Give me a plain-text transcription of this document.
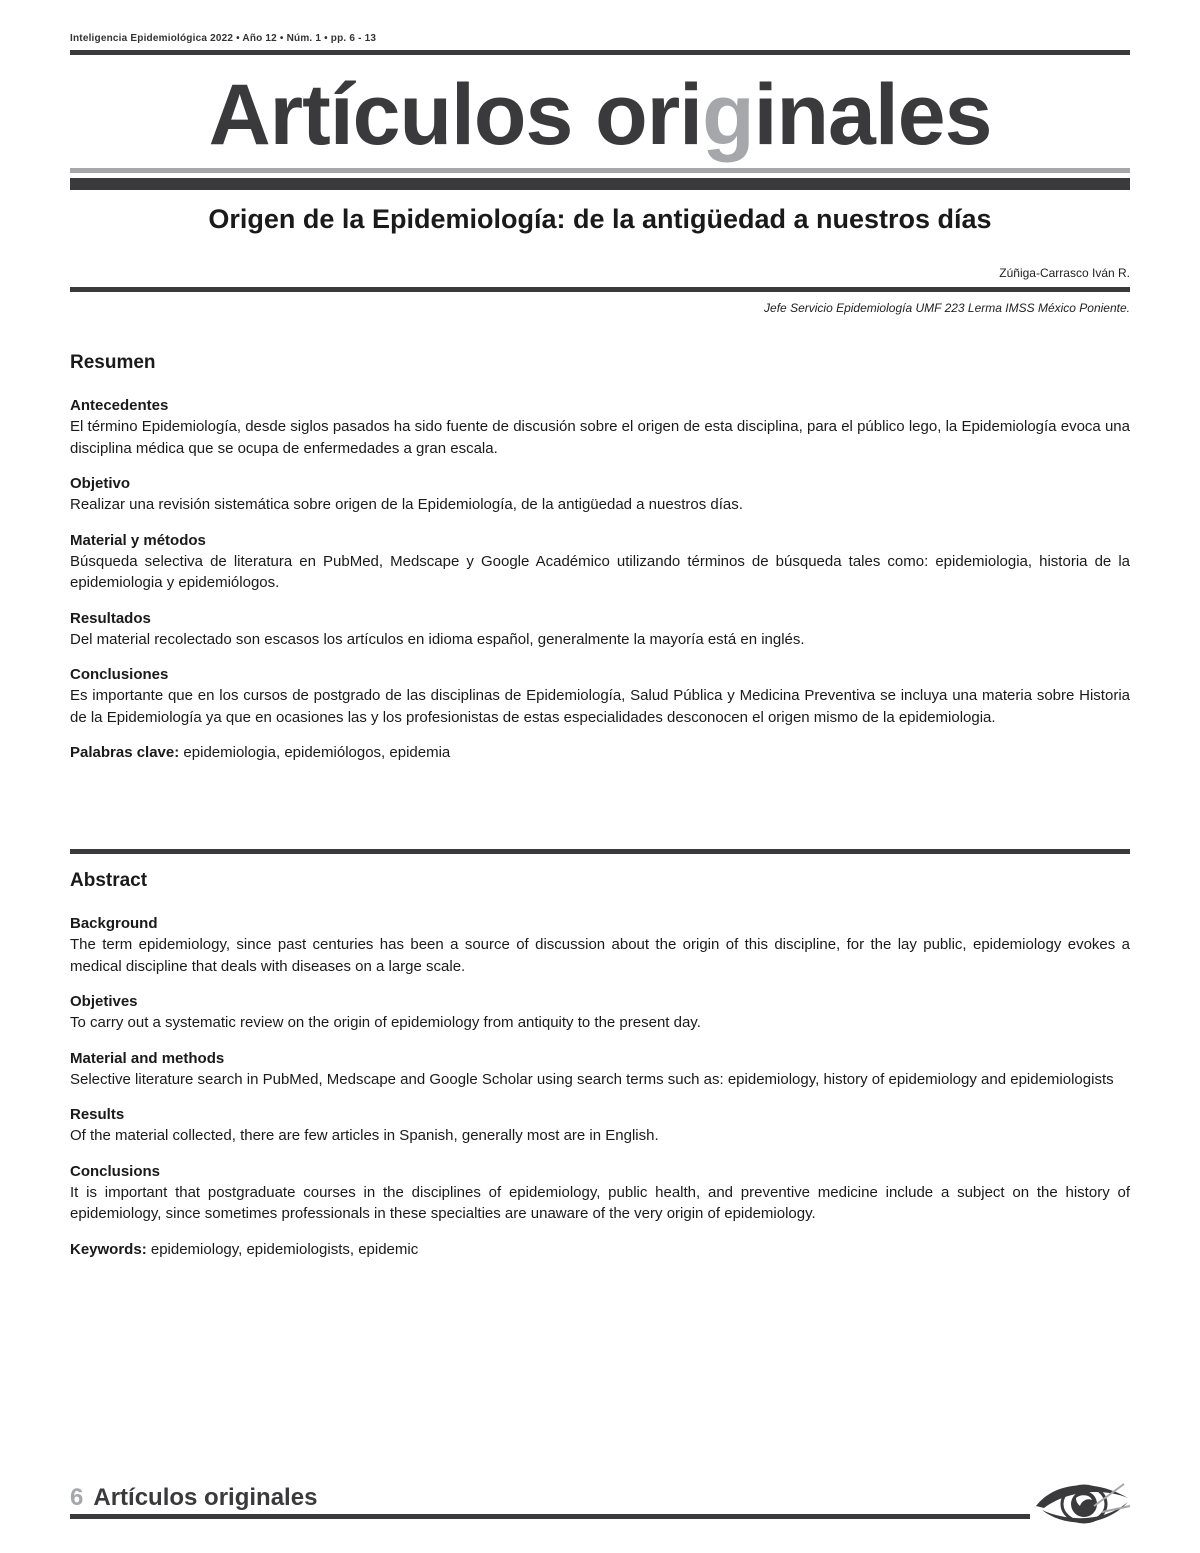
Inteligencia Epidemiológica 2022 • Año 12 • Núm. 1 • pp. 6 - 13
Artículos originales
Origen de la Epidemiología: de la antigüedad a nuestros días
Zúñiga-Carrasco Iván R.
Jefe Servicio Epidemiología UMF 223 Lerma IMSS México Poniente.
Resumen
Antecedentes

El término Epidemiología, desde siglos pasados ha sido fuente de discusión sobre el origen de esta disciplina, para el público lego, la Epidemiología evoca una disciplina médica que se ocupa de enfermedades a gran escala.

Objetivo

Realizar una revisión sistemática sobre origen de la Epidemiología, de la antigüedad a nuestros días.

Material y métodos

Búsqueda selectiva de literatura en PubMed, Medscape y Google Académico utilizando términos de búsqueda tales como: epidemiologia, historia de la epidemiologia y epidemiólogos.

Resultados

Del material recolectado son escasos los artículos en idioma español, generalmente la mayoría está en inglés.

Conclusiones

Es importante que en los cursos de postgrado de las disciplinas de Epidemiología, Salud Pública y Medicina Preventiva se incluya una materia sobre Historia de la Epidemiología ya que en ocasiones las y los profesionistas de estas especialidades desconocen el origen mismo de la epidemiologia.

Palabras clave: epidemiologia, epidemiólogos, epidemia

Abstract
Background

The term epidemiology, since past centuries has been a source of discussion about the origin of this discipline, for the lay public, epidemiology evokes a medical discipline that deals with diseases on a large scale.

Objetives

To carry out a systematic review on the origin of epidemiology from antiquity to the present day.

Material and methods

Selective literature search in PubMed, Medscape and Google Scholar using search terms such as: epidemiology, history of epidemiology and epidemiologists

Results

Of the material collected, there are few articles in Spanish, generally most are in English.

Conclusions

It is important that postgraduate courses in the disciplines of epidemiology, public health, and preventive medicine include a subject on the history of epidemiology, since sometimes professionals in these specialties are unaware of the very origin of epidemiology.

Keywords: epidemiology, epidemiologists, epidemic

6 Artículos originales
